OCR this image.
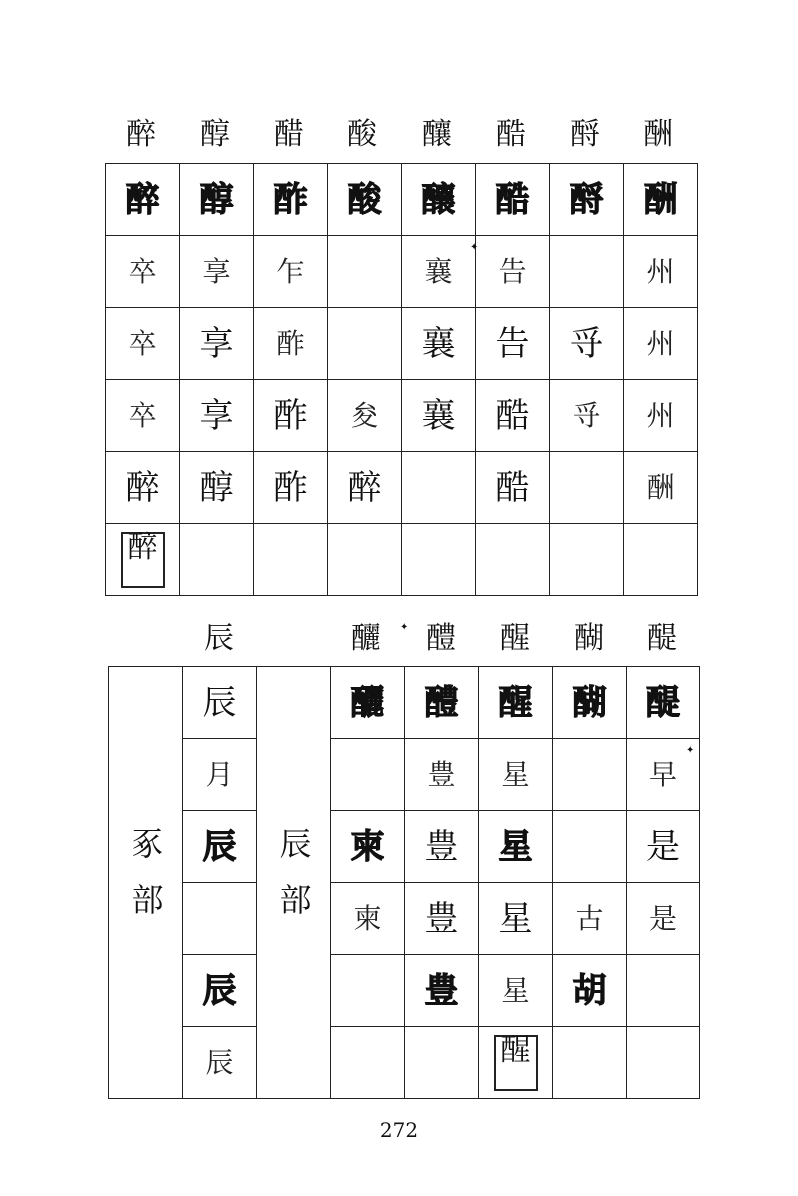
醉	醇	醋	酸	釀	酷	酹	酬
醉	醇	酢	酸	釀	酷	酹	酬

卒	享	乍		襄	告		州

卒	享	酢		襄	告	寽	州

卒	享	酢	夋	襄	酷	寽	州

醉	醇	酢	醉		酷		酬

醉							

✦
✦
✦
辰	釃	醴	醒	醐	醍
豖部	辰	辰部	釃	醴	醒	醐	醍

	月			豊	星		早

	辰		柬	豊	星		是

			柬	豊	星	古	是

	辰			豊	星	胡	

	辰				醒		

272
